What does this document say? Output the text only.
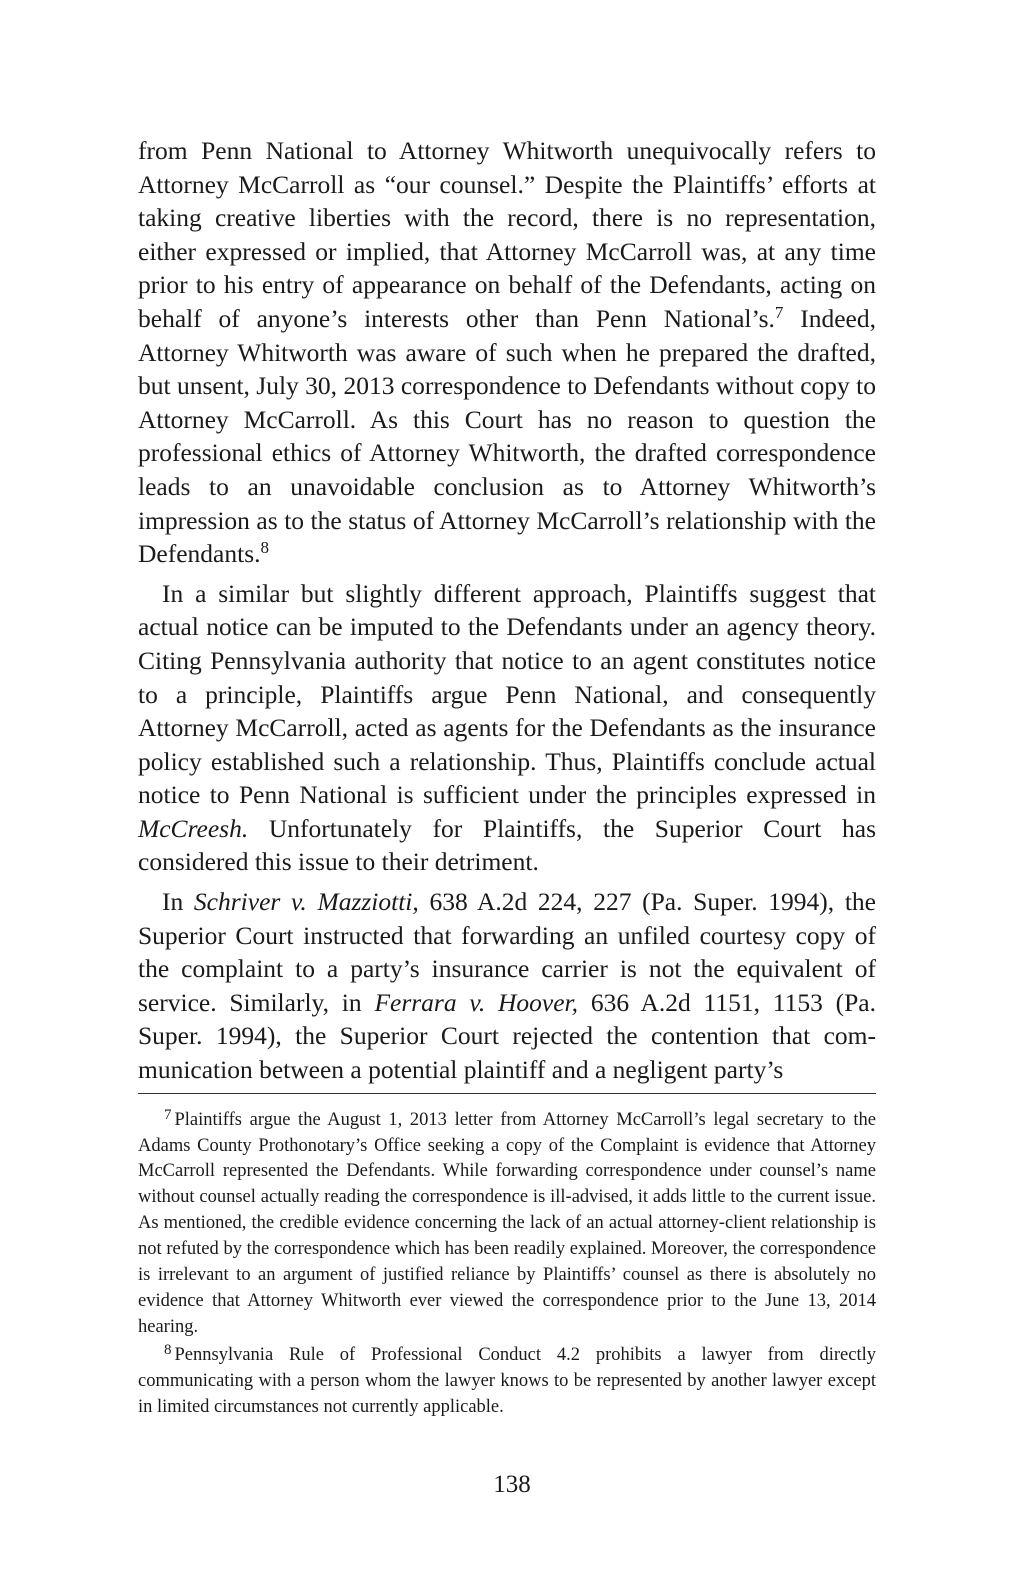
from Penn National to Attorney Whitworth unequivocally refers to Attorney McCarroll as “our counsel.” Despite the Plaintiffs’ efforts at taking creative liberties with the record, there is no representation, either expressed or implied, that Attorney McCarroll was, at any time prior to his entry of appearance on behalf of the Defendants, acting on behalf of anyone’s interests other than Penn National’s.$^7$ Indeed, Attorney Whitworth was aware of such when he prepared the drafted, but unsent, July 30, 2013 correspondence to Defendants without copy to Attorney McCarroll. As this Court has no reason to question the professional ethics of Attorney Whitworth, the drafted correspondence leads to an unavoidable conclusion as to Attorney Whitworth’s impression as to the status of Attorney McCarroll’s relationship with the Defendants.$^8$

In a similar but slightly different approach, Plaintiffs suggest that actual notice can be imputed to the Defendants under an agency theory. Citing Pennsylvania authority that notice to an agent constitutes notice to a principle, Plaintiffs argue Penn National, and consequently Attorney McCarroll, acted as agents for the Defendants as the insurance policy established such a relationship. Thus, Plaintiffs conclude actual notice to Penn National is sufficient under the principles expressed in McCreesh. Unfortunately for Plaintiffs, the Superior Court has considered this issue to their detriment.

In Schriver v. Mazziotti, 638 A.2d 224, 227 (Pa. Super. 1994), the Superior Court instructed that forwarding an unfiled courtesy copy of the complaint to a party’s insurance carrier is not the equivalent of service. Similarly, in Ferrara v. Hoover, 636 A.2d 1151, 1153 (Pa. Super. 1994), the Superior Court rejected the contention that communication between a potential plaintiff and a negligent party’s

$^7$ Plaintiffs argue the August 1, 2013 letter from Attorney McCarroll’s legal secretary to the Adams County Prothonotary’s Office seeking a copy of the Complaint is evidence that Attorney McCarroll represented the Defendants. While forwarding correspondence under counsel’s name without counsel actually reading the correspondence is ill-advised, it adds little to the current issue. As mentioned, the credible evidence concerning the lack of an actual attorney-client relationship is not refuted by the correspondence which has been readily explained. Moreover, the correspondence is irrelevant to an argument of justified reliance by Plaintiffs’ counsel as there is absolutely no evidence that Attorney Whitworth ever viewed the correspondence prior to the June 13, 2014 hearing.

$^8$ Pennsylvania Rule of Professional Conduct 4.2 prohibits a lawyer from directly communicating with a person whom the lawyer knows to be represented by another lawyer except in limited circumstances not currently applicable.

138
